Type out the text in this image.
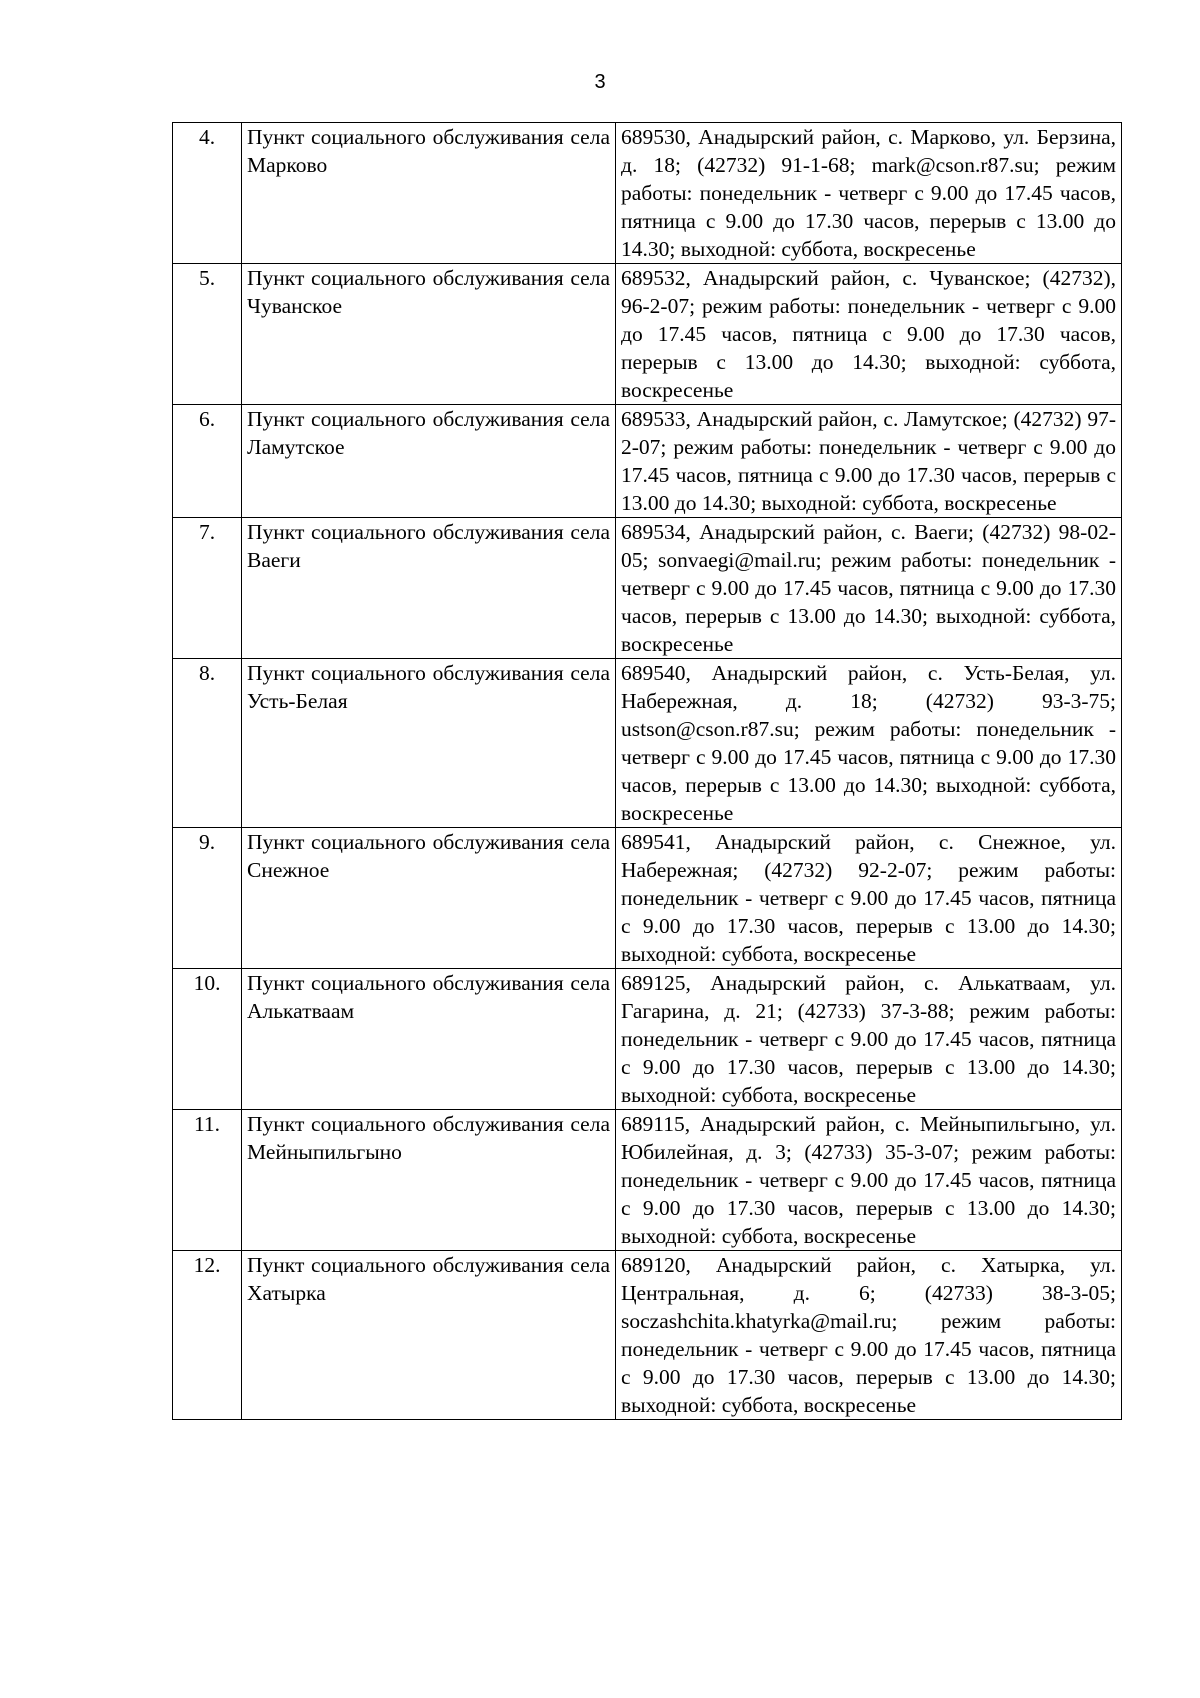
3
4.	Пункт социального обслуживания села Марково	689530, Анадырский район, с. Марково, ул. Берзина, д. 18; (42732) 91-1-68; mark@cson.r87.su; режим работы: понедельник - четверг с 9.00 до 17.45 часов, пятница с 9.00 до 17.30 часов, перерыв с 13.00 до 14.30; выходной: суббота, воскресенье
5.	Пункт социального обслуживания села Чуванское	689532, Анадырский район, с. Чуванское; (42732), 96-2-07; режим работы: понедельник - четверг с 9.00 до 17.45 часов, пятница с 9.00 до 17.30 часов, перерыв с 13.00 до 14.30; выходной: суббота, воскресенье
6.	Пункт социального обслуживания села Ламутское	689533, Анадырский район, с. Ламутское; (42732) 97-2-07; режим работы: понедельник - четверг с 9.00 до 17.45 часов, пятница с 9.00 до 17.30 часов, перерыв с 13.00 до 14.30; выходной: суббота, воскресенье
7.	Пункт социального обслуживания села Ваеги	689534, Анадырский район, с. Ваеги; (42732) 98-02-05; sonvaegi@mail.ru; режим работы: понедельник - четверг с 9.00 до 17.45 часов, пятница с 9.00 до 17.30 часов, перерыв с 13.00 до 14.30; выходной: суббота, воскресенье
8.	Пункт социального обслуживания села Усть-Белая	689540, Анадырский район, с. Усть-Белая, ул. Набережная, д. 18; (42732) 93-3-75; ustson@cson.r87.su; режим работы: понедельник - четверг с 9.00 до 17.45 часов, пятница с 9.00 до 17.30 часов, перерыв с 13.00 до 14.30; выходной: суббота, воскресенье
9.	Пункт социального обслуживания села Снежное	689541, Анадырский район, с. Снежное, ул. Набережная; (42732) 92-2-07; режим работы: понедельник - четверг с 9.00 до 17.45 часов, пятница с 9.00 до 17.30 часов, перерыв с 13.00 до 14.30; выходной: суббота, воскресенье
10.	Пункт социального обслуживания села Алькатваам	689125, Анадырский район, с. Алькатваам, ул. Гагарина, д. 21; (42733) 37-3-88; режим работы: понедельник - четверг с 9.00 до 17.45 часов, пятница с 9.00 до 17.30 часов, перерыв с 13.00 до 14.30; выходной: суббота, воскресенье
11.	Пункт социального обслуживания села Мейныпильгыно	689115, Анадырский район, с. Мейныпильгыно, ул. Юбилейная, д. 3; (42733) 35-3-07; режим работы: понедельник - четверг с 9.00 до 17.45 часов, пятница с 9.00 до 17.30 часов, перерыв с 13.00 до 14.30; выходной: суббота, воскресенье
12.	Пункт социального обслуживания села Хатырка	689120, Анадырский район, с. Хатырка, ул. Центральная, д. 6; (42733) 38-3-05; soczashchita.khatyrka@mail.ru; режим работы: понедельник - четверг с 9.00 до 17.45 часов, пятница с 9.00 до 17.30 часов, перерыв с 13.00 до 14.30; выходной: суббота, воскресенье
